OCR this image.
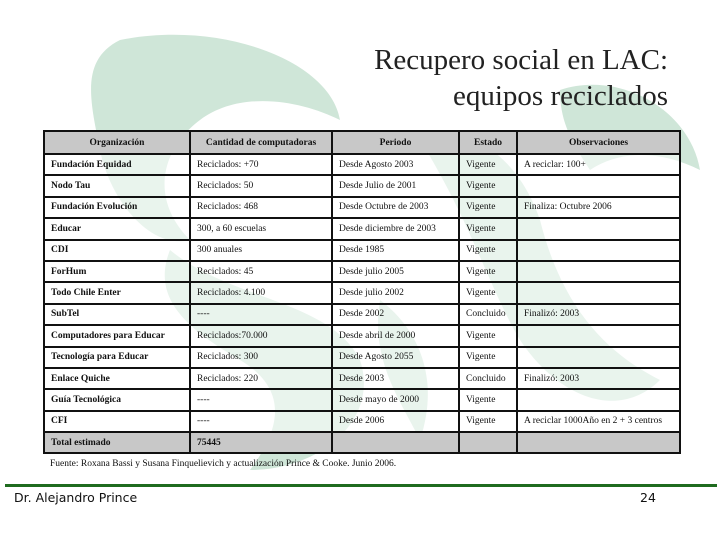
Recupero social en LAC:
equipos reciclados
Organización	Cantidad de computadoras	Periodo	Estado	Observaciones
Fundación Equidad	Reciclados: +70	Desde Agosto 2003	Vigente	A reciclar: 100+
Nodo Tau	Reciclados: 50	Desde Julio de 2001	Vigente	
Fundación Evolución	Reciclados: 468	Desde Octubre de 2003	Vigente	Finaliza: Octubre 2006
Educar	300, a 60 escuelas	Desde diciembre de 2003	Vigente	
CDI	300 anuales	Desde 1985	Vigente	
ForHum	Reciclados: 45	Desde julio 2005	Vigente	
Todo Chile Enter	Reciclados: 4.100	Desde julio 2002	Vigente	
SubTel	----	Desde 2002	Concluido	Finalizó: 2003
Computadores para Educar	Reciclados:70.000	Desde abril de 2000	Vigente	
Tecnología para Educar	Reciclados: 300	Desde Agosto 2055	Vigente	
Enlace Quiche	Reciclados: 220	Desde 2003	Concluido	Finalizó: 2003
Guía Tecnológica	----	Desde mayo de 2000	Vigente	
CFI	----	Desde 2006	Vigente	A reciclar 1000Año en 2 + 3 centros
Total estimado	75445			
Fuente: Roxana Bassi y Susana Finquelievich y actualización Prince & Cooke. Junio 2006.
Dr. Alejandro Prince	24
